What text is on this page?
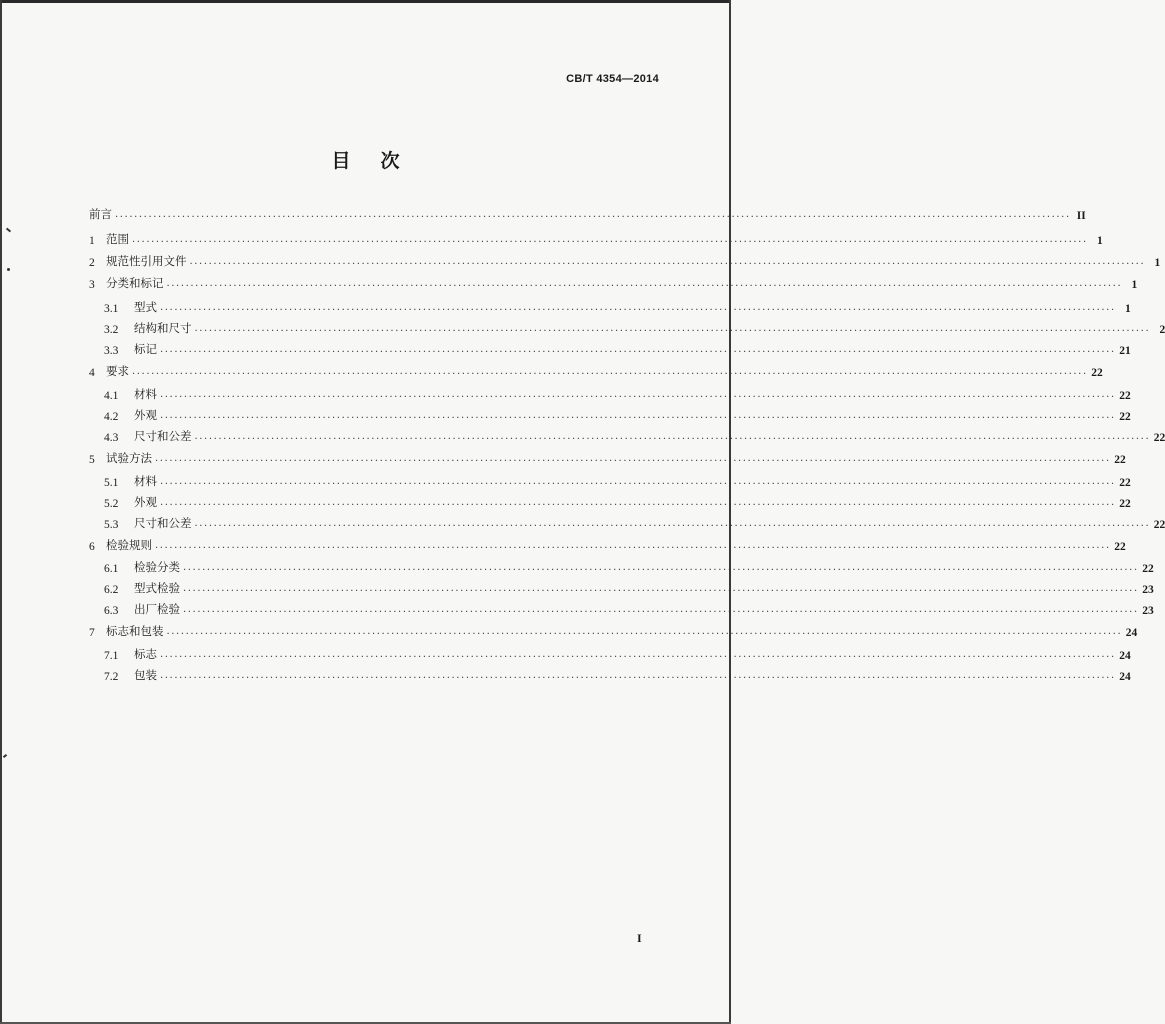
CB/T 4354—2014
目次
前言 ........................................................................................................................................................................................................ II
1 范围 ........................................................................................................................................................................................................ 1
2 规范性引用文件 ........................................................................................................................................................................................................ 1
3 分类和标记 ........................................................................................................................................................................................................ 1
3.1	型式 ........................................................................................................................................................................................................ 1
3.2	结构和尺寸 ........................................................................................................................................................................................................ 2
3.3	标记 ........................................................................................................................................................................................................ 21
4 要求 ........................................................................................................................................................................................................ 22
4.1	材料 ........................................................................................................................................................................................................ 22
4.2	外观 ........................................................................................................................................................................................................ 22
4.3	尺寸和公差 ........................................................................................................................................................................................................ 22
5 试验方法 ........................................................................................................................................................................................................ 22
5.1	材料 ........................................................................................................................................................................................................ 22
5.2	外观 ........................................................................................................................................................................................................ 22
5.3	尺寸和公差 ........................................................................................................................................................................................................ 22
6 检验规则 ........................................................................................................................................................................................................ 22
6.1	检验分类 ........................................................................................................................................................................................................ 22
6.2	型式检验 ........................................................................................................................................................................................................ 23
6.3	出厂检验 ........................................................................................................................................................................................................ 23
7 标志和包装 ........................................................................................................................................................................................................ 24
7.1	标志 ........................................................................................................................................................................................................ 24
7.2	包装 ........................................................................................................................................................................................................ 24
I
